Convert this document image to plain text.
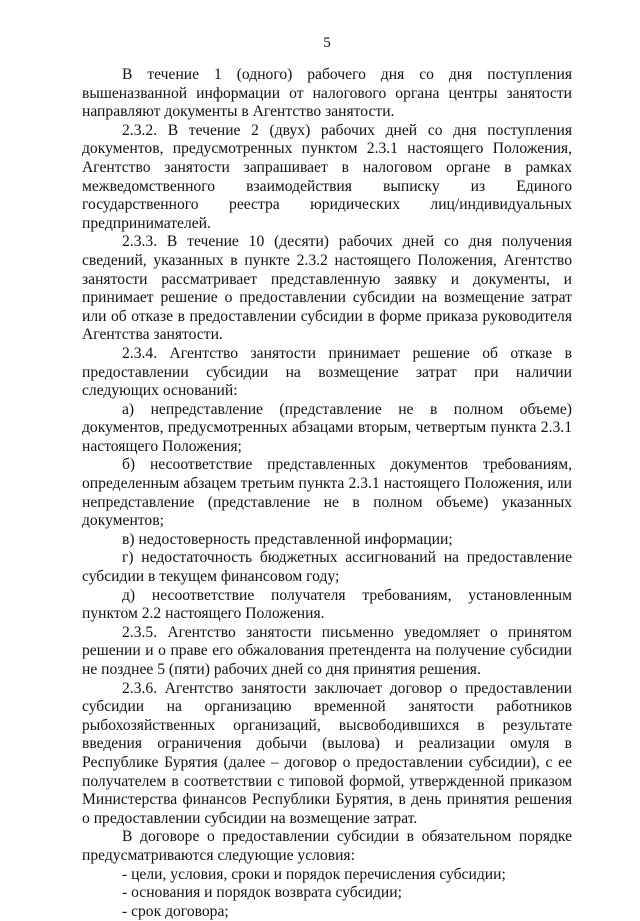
5

В течение 1 (одного) рабочего дня со дня поступления вышеназванной информации от налогового органа центры занятости направляют документы в Агентство занятости.

2.3.2. В течение 2 (двух) рабочих дней со дня поступления документов, предусмотренных пунктом 2.3.1 настоящего Положения, Агентство занятости запрашивает в налоговом органе в рамках межведомственного взаимодействия выписку из Единого государственного реестра юридических лиц/индивидуальных предпринимателей.

2.3.3. В течение 10 (десяти) рабочих дней со дня получения сведений, указанных в пункте 2.3.2 настоящего Положения, Агентство занятости рассматривает представленную заявку и документы, и принимает решение о предоставлении субсидии на возмещение затрат или об отказе в предоставлении субсидии в форме приказа руководителя Агентства занятости.

2.3.4. Агентство занятости принимает решение об отказе в предоставлении субсидии на возмещение затрат при наличии следующих оснований:

а) непредставление (представление не в полном объеме) документов, предусмотренных абзацами вторым, четвертым пункта 2.3.1 настоящего Положения;

б) несоответствие представленных документов требованиям, определенным абзацем третьим пункта 2.3.1 настоящего Положения, или непредставление (представление не в полном объеме) указанных документов;

в) недостоверность представленной информации;

г) недостаточность бюджетных ассигнований на предоставление субсидии в текущем финансовом году;

д) несоответствие получателя требованиям, установленным пунктом 2.2 настоящего Положения.

2.3.5. Агентство занятости письменно уведомляет о принятом решении и о праве его обжалования претендента на получение субсидии не позднее 5 (пяти) рабочих дней со дня принятия решения.

2.3.6. Агентство занятости заключает договор о предоставлении субсидии на организацию временной занятости работников рыбохозяйственных организаций, высвободившихся в результате введения ограничения добычи (вылова) и реализации омуля в Республике Бурятия (далее – договор о предоставлении субсидии), с ее получателем в соответствии с типовой формой, утвержденной приказом Министерства финансов Республики Бурятия, в день принятия решения о предоставлении субсидии на возмещение затрат.

В договоре о предоставлении субсидии в обязательном порядке предусматриваются следующие условия:

- цели, условия, сроки и порядок перечисления субсидии;

- основания и порядок возврата субсидии;

- срок договора;
